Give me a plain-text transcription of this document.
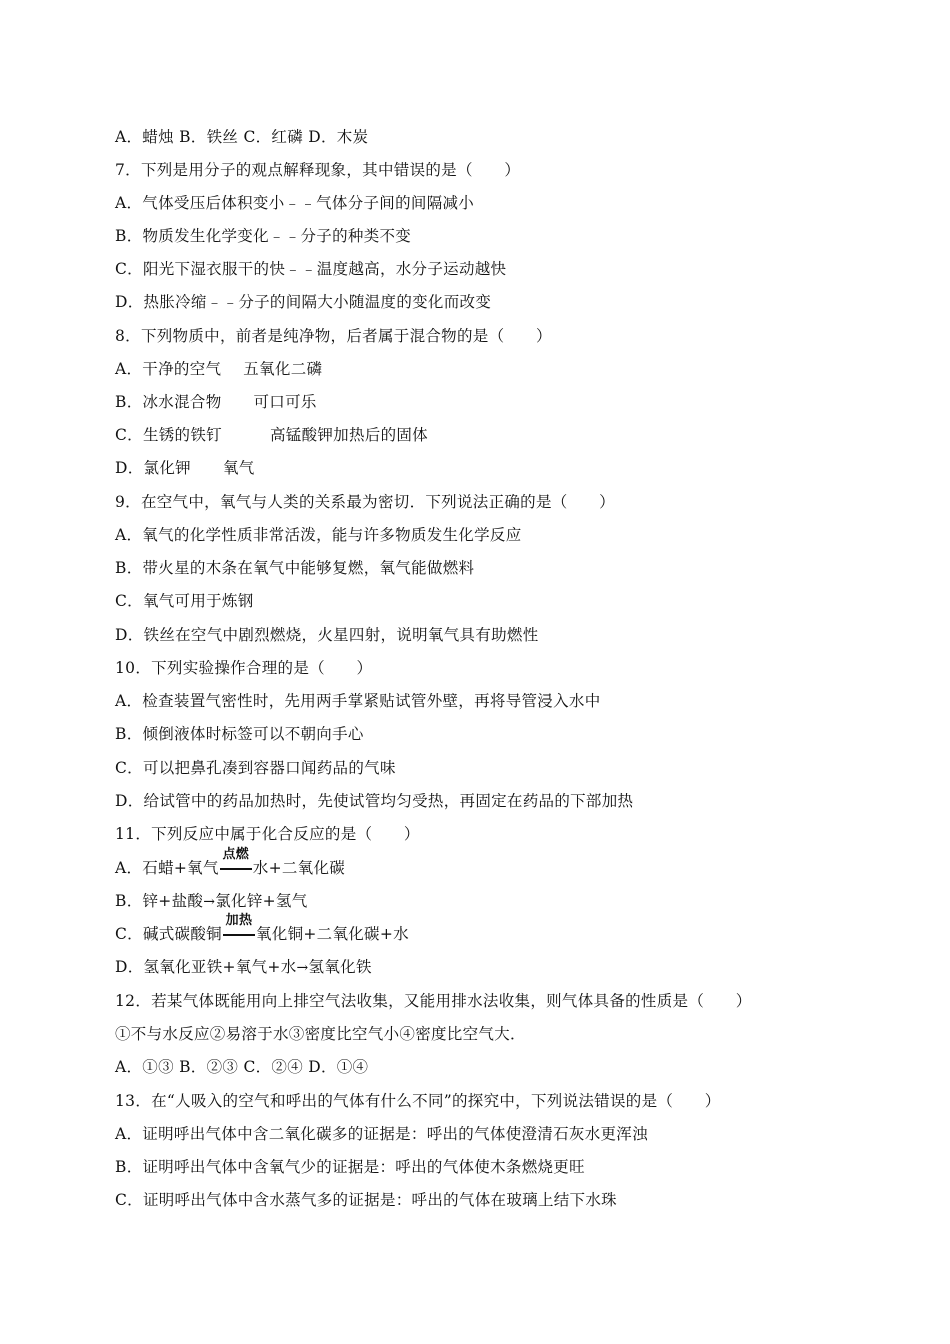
A．蜡烛 B．铁丝 C．红磷 D．木炭
7．下列是用分子的观点解释现象，其中错误的是（　　）
A．气体受压后体积变小﹣﹣气体分子间的间隔减小
B．物质发生化学变化﹣﹣分子的种类不变
C．阳光下湿衣服干的快﹣﹣温度越高，水分子运动越快
D．热胀冷缩﹣﹣分子的间隔大小随温度的变化而改变
8．下列物质中，前者是纯净物，后者属于混合物的是（　　）
A．干净的空气 五氧化二磷
B．冰水混合物 可口可乐
C．生锈的铁钉	高锰酸钾加热后的固体
D．氯化钾 氧气
9．在空气中，氧气与人类的关系最为密切．下列说法正确的是（　　）
A．氧气的化学性质非常活泼，能与许多物质发生化学反应
B．带火星的木条在氧气中能够复燃，氧气能做燃料
C．氧气可用于炼钢
D．铁丝在空气中剧烈燃烧，火星四射，说明氧气具有助燃性
10．下列实验操作合理的是（　　）
A．检查装置气密性时，先用两手掌紧贴试管外壁，再将导管浸入水中
B．倾倒液体时标签可以不朝向手心
C．可以把鼻孔凑到容器口闻药品的气味
D．给试管中的药品加热时，先使试管均匀受热，再固定在药品的下部加热
11．下列反应中属于化合反应的是（　　）
A．石蜡+氧气
点燃
水+二氧化碳
B．锌+盐酸→氯化锌+氢气
C．碱式碳酸铜
加热
氧化铜+二氧化碳+水
D．氢氧化亚铁+氧气+水→氢氧化铁
12．若某气体既能用向上排空气法收集，又能用排水法收集，则气体具备的性质是（　　）
①不与水反应②易溶于水③密度比空气小④密度比空气大．
A．①③ B．②③ C．②④ D．①④
13．在“人吸入的空气和呼出的气体有什么不同”的探究中，下列说法错误的是（　　）
A．证明呼出气体中含二氧化碳多的证据是：呼出的气体使澄清石灰水更浑浊
B．证明呼出气体中含氧气少的证据是：呼出的气体使木条燃烧更旺
C．证明呼出气体中含水蒸气多的证据是：呼出的气体在玻璃上结下水珠
